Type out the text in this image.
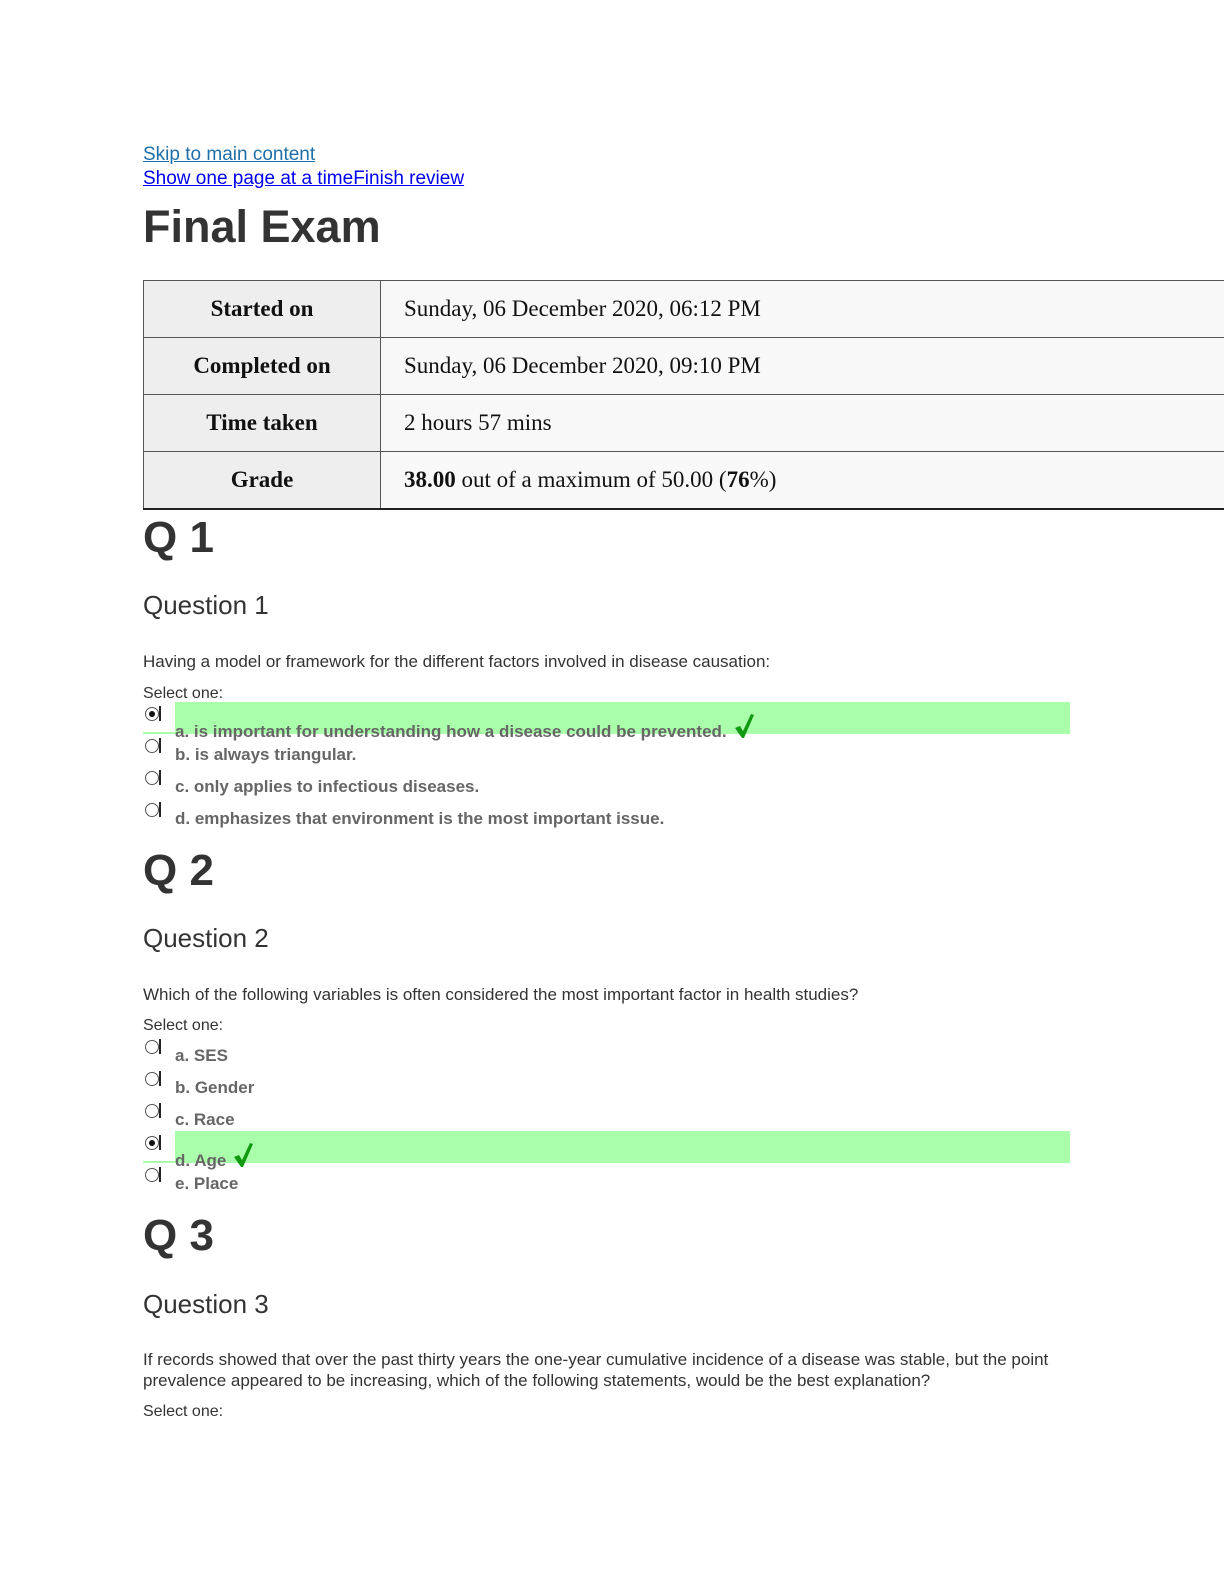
Skip to main content
Show one page at a timeFinish review
Final Exam
Started on	Sunday, 06 December 2020, 06:12 PM
Completed on	Sunday, 06 December 2020, 09:10 PM
Time taken	2 hours 57 mins
Grade	38.00 out of a maximum of 50.00 (76%)
Q 1
Question 1

Having a model or framework for the different factors involved in disease causation:

Select one:
a. is important for understanding how a disease could be prevented.
b. is always triangular.
c. only applies to infectious diseases.
d. emphasizes that environment is the most important issue.
Q 2
Question 2

Which of the following variables is often considered the most important factor in health studies?

Select one:
a. SES
b. Gender
c. Race
d. Age
e. Place
Q 3
Question 3

If records showed that over the past thirty years the one-year cumulative incidence of a disease was stable, but the point prevalence appeared to be increasing, which of the following statements, would be the best explanation?

Select one:
